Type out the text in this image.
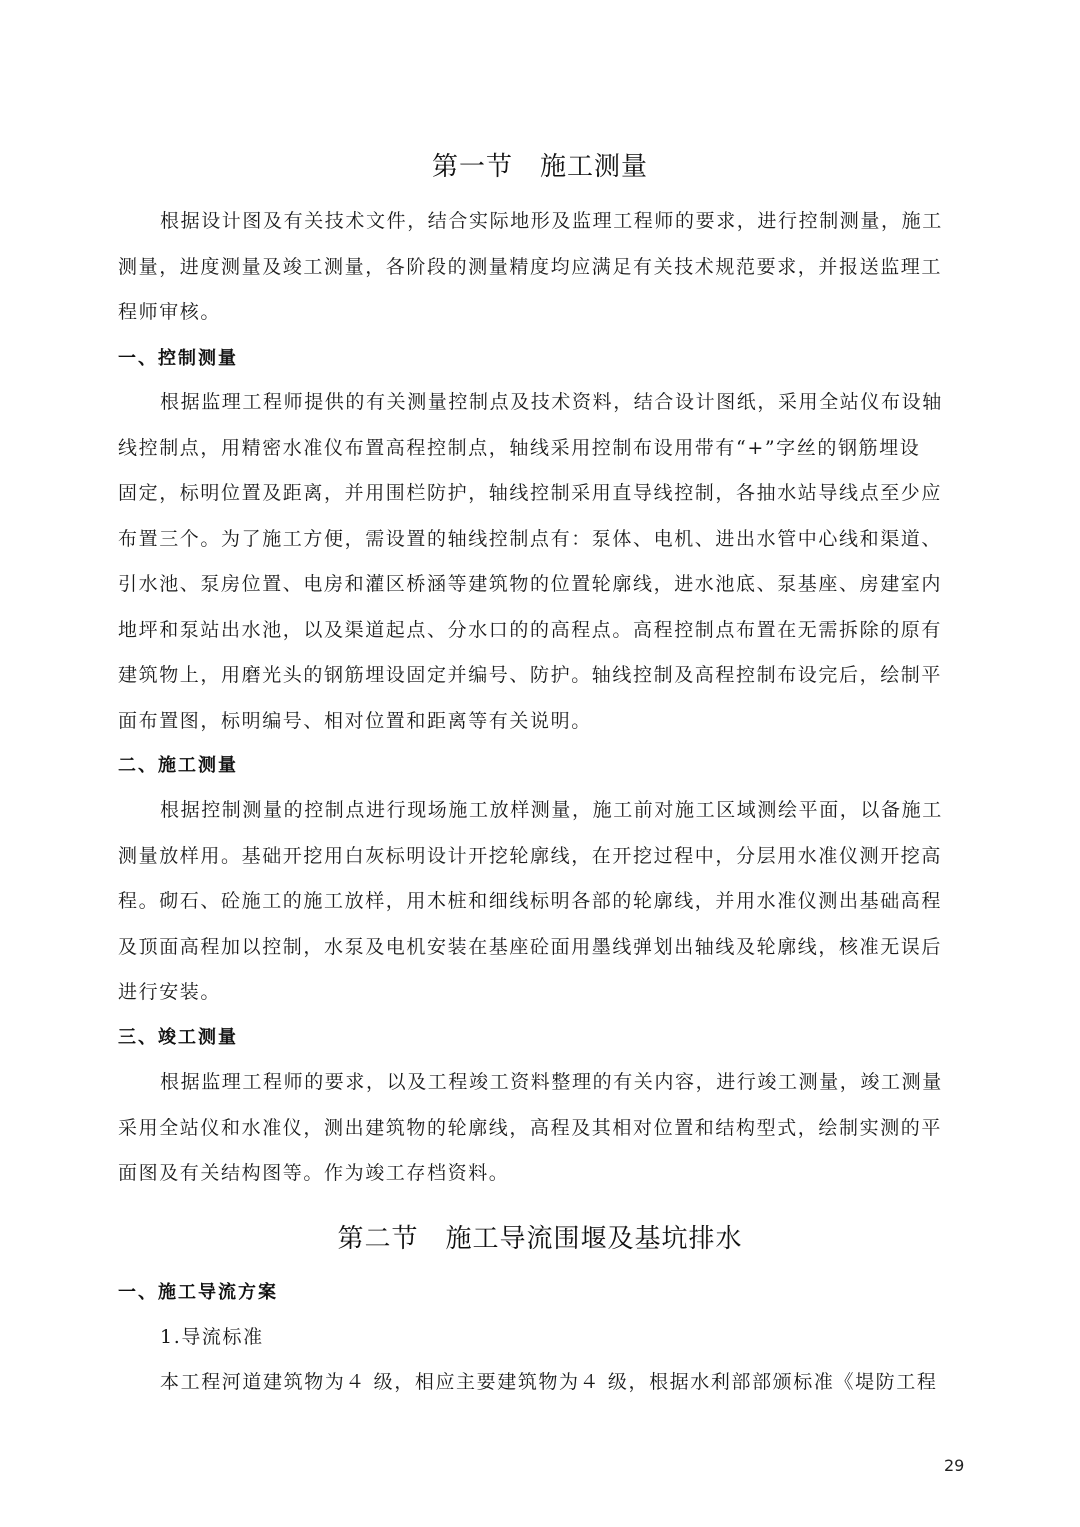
第一节　施工测量
根据设计图及有关技术文件，结合实际地形及监理工程师的要求，进行控制测量，施工
测量，进度测量及竣工测量，各阶段的测量精度均应满足有关技术规范要求，并报送监理工
程师审核。
一、控制测量
根据监理工程师提供的有关测量控制点及技术资料，结合设计图纸，采用全站仪布设轴
线控制点，用精密水准仪布置高程控制点，轴线采用控制布设用带有“+”字丝的钢筋埋设
固定，标明位置及距离，并用围栏防护，轴线控制采用直导线控制，各抽水站导线点至少应
布置三个。为了施工方便，需设置的轴线控制点有：泵体、电机、进出水管中心线和渠道、
引水池、泵房位置、电房和灌区桥涵等建筑物的位置轮廓线，进水池底、泵基座、房建室内
地坪和泵站出水池，以及渠道起点、分水口的的高程点。高程控制点布置在无需拆除的原有
建筑物上，用磨光头的钢筋埋设固定并编号、防护。轴线控制及高程控制布设完后，绘制平
面布置图，标明编号、相对位置和距离等有关说明。
二、施工测量
根据控制测量的控制点进行现场施工放样测量，施工前对施工区域测绘平面，以备施工
测量放样用。基础开挖用白灰标明设计开挖轮廓线，在开挖过程中，分层用水准仪测开挖高
程。砌石、砼施工的施工放样，用木桩和细线标明各部的轮廓线，并用水准仪测出基础高程
及顶面高程加以控制，水泵及电机安装在基座砼面用墨线弹划出轴线及轮廓线，核准无误后
进行安装。
三、竣工测量
根据监理工程师的要求，以及工程竣工资料整理的有关内容，进行竣工测量，竣工测量
采用全站仪和水准仪，测出建筑物的轮廓线，高程及其相对位置和结构型式，绘制实测的平
面图及有关结构图等。作为竣工存档资料。
第二节　施工导流围堰及基坑排水
一、施工导流方案
1.导流标准
本工程河道建筑物为４ 级，相应主要建筑物为４ 级，根据水利部部颁标准《堤防工程
29
